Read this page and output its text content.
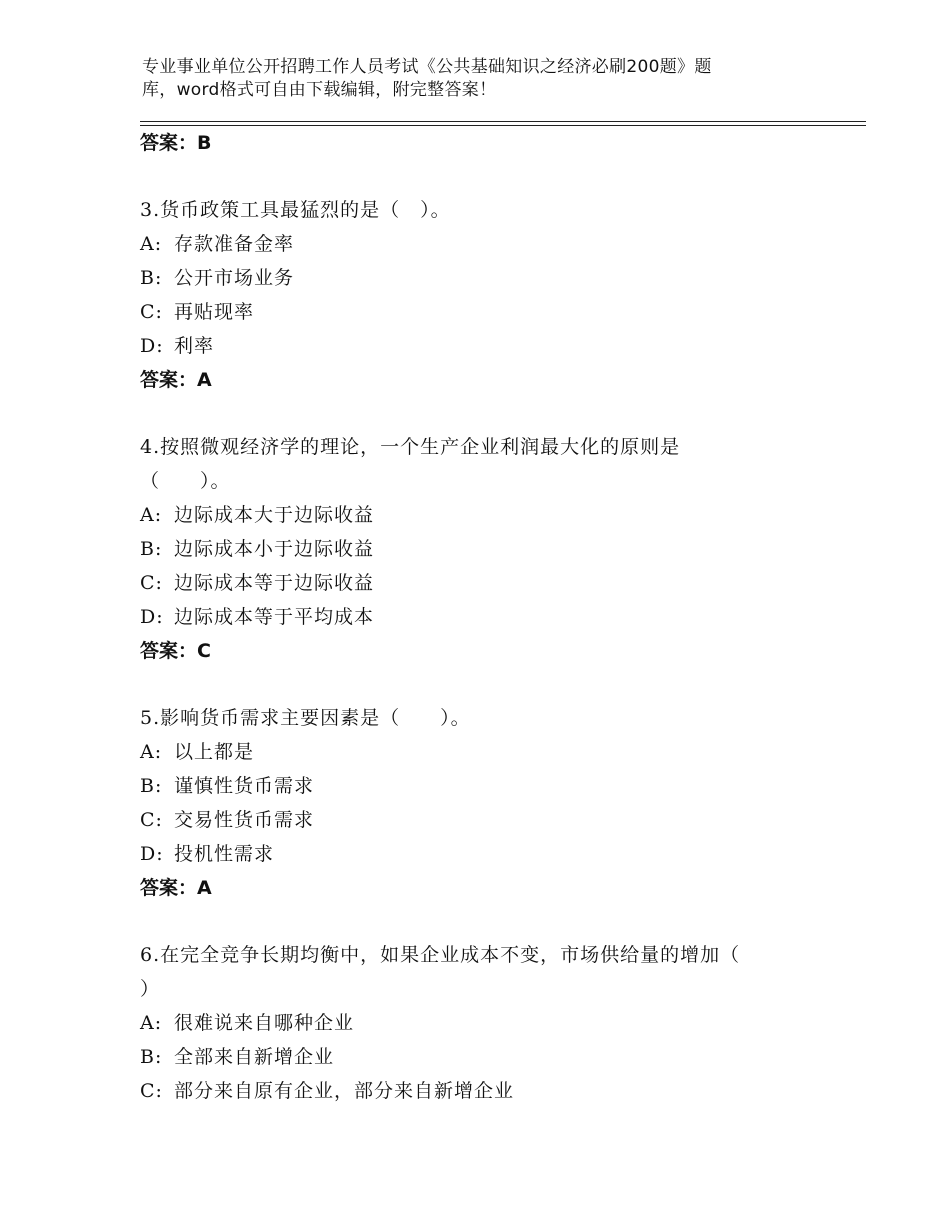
专业事业单位公开招聘工作人员考试《公共基础知识之经济必刷200题》题
库，word格式可自由下载编辑，附完整答案！
答案：B
3.货币政策工具最猛烈的是（　）。
A: 存款准备金率
B: 公开市场业务
C: 再贴现率
D: 利率
答案：A
4.按照微观经济学的理论，一个生产企业利润最大化的原则是
（　　）。
A: 边际成本大于边际收益
B: 边际成本小于边际收益
C: 边际成本等于边际收益
D: 边际成本等于平均成本
答案：C
5.影响货币需求主要因素是（　　）。
A: 以上都是
B: 谨慎性货币需求
C: 交易性货币需求
D: 投机性需求
答案：A
6.在完全竞争长期均衡中，如果企业成本不变，市场供给量的增加（
）
A: 很难说来自哪种企业
B: 全部来自新增企业
C: 部分来自原有企业，部分来自新增企业
